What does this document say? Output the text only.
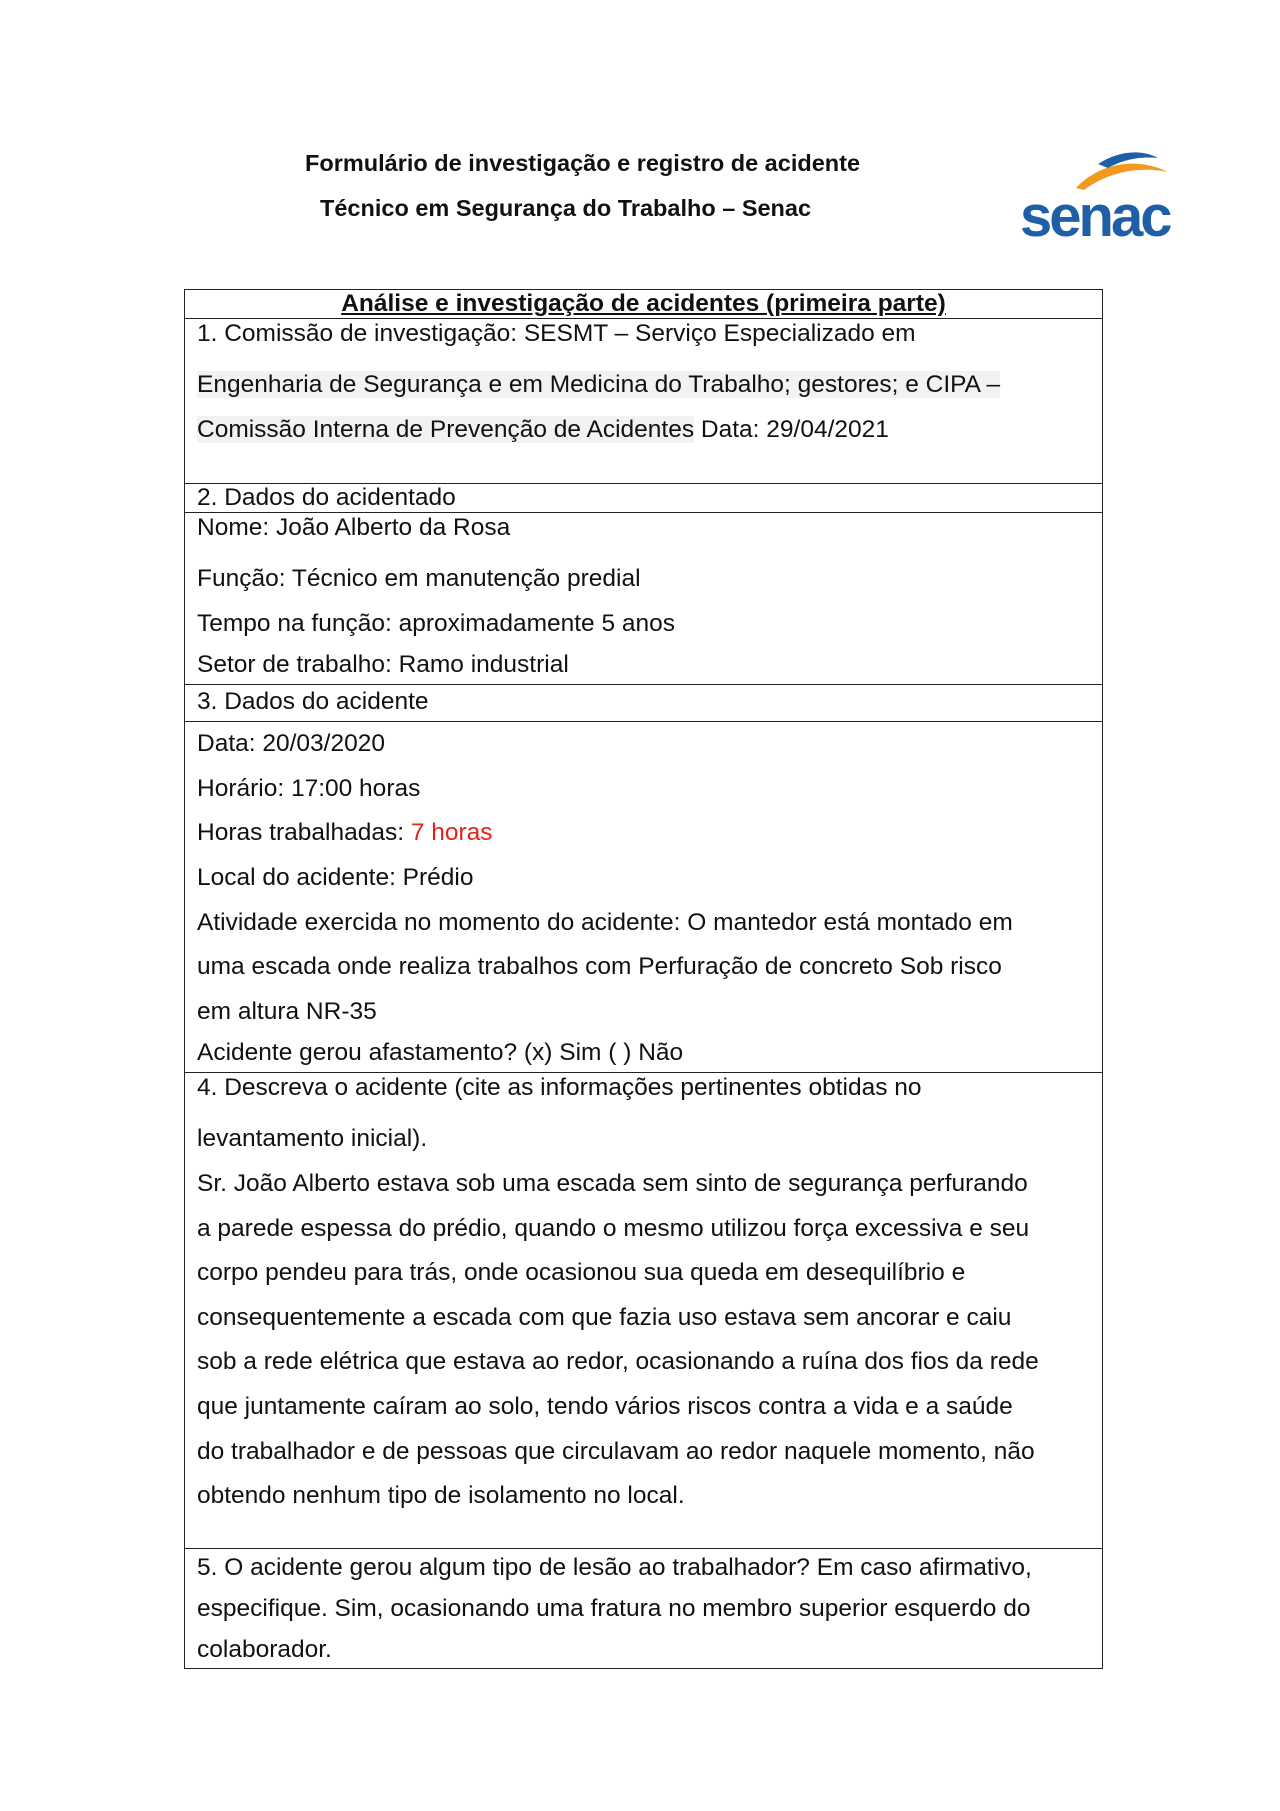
Formulário de investigação e registro de acidente
Técnico em Segurança do Trabalho – Senac	senac
Análise e investigação de acidentes (primeira parte)

1. Comissão de investigação: SESMT – Serviço Especializado em
Engenharia de Segurança e em Medicina do Trabalho; gestores; e CIPA –
Comissão Interna de Prevenção de Acidentes Data: 29/04/2021

2. Dados do acidentado

Nome: João Alberto da Rosa
Função: Técnico em manutenção predial
Tempo na função: aproximadamente 5 anos
Setor de trabalho: Ramo industrial

3. Dados do acidente

Data: 20/03/2020
Horário: 17:00 horas
Horas trabalhadas: 7 horas
Local do acidente: Prédio
Atividade exercida no momento do acidente: O mantedor está montado em
uma escada onde realiza trabalhos com Perfuração de concreto Sob risco
em altura NR-35
Acidente gerou afastamento? (x) Sim ( ) Não

4. Descreva o acidente (cite as informações pertinentes obtidas no
levantamento inicial).
Sr. João Alberto estava sob uma escada sem sinto de segurança perfurando
a parede espessa do prédio, quando o mesmo utilizou força excessiva e seu
corpo pendeu para trás, onde ocasionou sua queda em desequilíbrio e
consequentemente a escada com que fazia uso estava sem ancorar e caiu
sob a rede elétrica que estava ao redor, ocasionando a ruína dos fios da rede
que juntamente caíram ao solo, tendo vários riscos contra a vida e a saúde
do trabalhador e de pessoas que circulavam ao redor naquele momento, não
obtendo nenhum tipo de isolamento no local.

5. O acidente gerou algum tipo de lesão ao trabalhador? Em caso afirmativo,
especifique. Sim, ocasionando uma fratura no membro superior esquerdo do
colaborador.
